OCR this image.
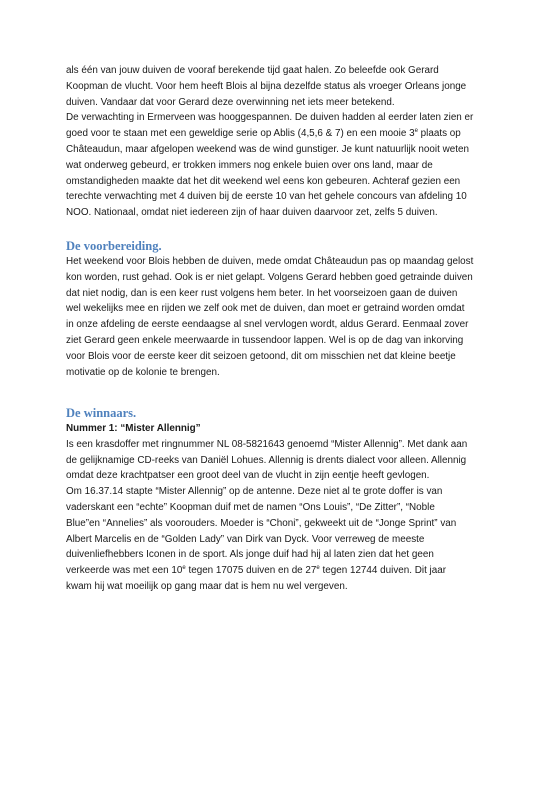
als één van jouw duiven de vooraf berekende tijd gaat halen. Zo beleefde ook Gerard
Koopman de vlucht. Voor hem heeft Blois al bijna dezelfde status als vroeger Orleans jonge
duiven. Vandaar dat voor Gerard deze overwinning net iets meer betekend.
De verwachting in Ermerveen was hooggespannen. De duiven hadden al eerder laten zien er
goed voor te staan met een geweldige serie op Ablis (4,5,6 & 7) en een mooie 3e plaats op
Châteaudun, maar afgelopen weekend was de wind gunstiger. Je kunt natuurlijk nooit weten
wat onderweg gebeurd, er trokken immers nog enkele buien over ons land, maar de
omstandigheden maakte dat het dit weekend wel eens kon gebeuren. Achteraf gezien een
terechte verwachting met 4 duiven bij de eerste 10 van het gehele concours van afdeling 10
NOO. Nationaal, omdat niet iedereen zijn of haar duiven daarvoor zet, zelfs 5 duiven.
De voorbereiding.
Het weekend voor Blois hebben de duiven, mede omdat Châteaudun pas op maandag gelost
kon worden, rust gehad. Ook is er niet gelapt. Volgens Gerard hebben goed getrainde duiven
dat niet nodig, dan is een keer rust volgens hem beter. In het voorseizoen gaan de duiven
wel wekelijks mee en rijden we zelf ook met de duiven, dan moet er getraind worden omdat
in onze afdeling de eerste eendaagse al snel vervlogen wordt, aldus Gerard. Eenmaal zover
ziet Gerard geen enkele meerwaarde in tussendoor lappen. Wel is op de dag van inkorving
voor Blois voor de eerste keer dit seizoen getoond, dit om misschien net dat kleine beetje
motivatie op de kolonie te brengen.
De winnaars.
Nummer 1: “Mister Allennig”
Is een krasdoffer met ringnummer NL 08-5821643 genoemd “Mister Allennig”. Met dank aan
de gelijknamige CD-reeks van Daniël Lohues. Allennig is drents dialect voor alleen. Allennig
omdat deze krachtpatser een groot deel van de vlucht in zijn eentje heeft gevlogen.
Om 16.37.14 stapte “Mister Allennig” op de antenne. Deze niet al te grote doffer is van
vaderskant een “echte” Koopman duif met de namen “Ons Louis”, “De Zitter”, “Noble
Blue”en “Annelies” als voorouders. Moeder is “Choni”, gekweekt uit de “Jonge Sprint” van
Albert Marcelis en de “Golden Lady” van Dirk van Dyck. Voor verreweg de meeste
duivenliefhebbers Iconen in de sport. Als jonge duif had hij al laten zien dat het geen
verkeerde was met een 10e tegen 17075 duiven en de 27e tegen 12744 duiven. Dit jaar
kwam hij wat moeilijk op gang maar dat is hem nu wel vergeven.
